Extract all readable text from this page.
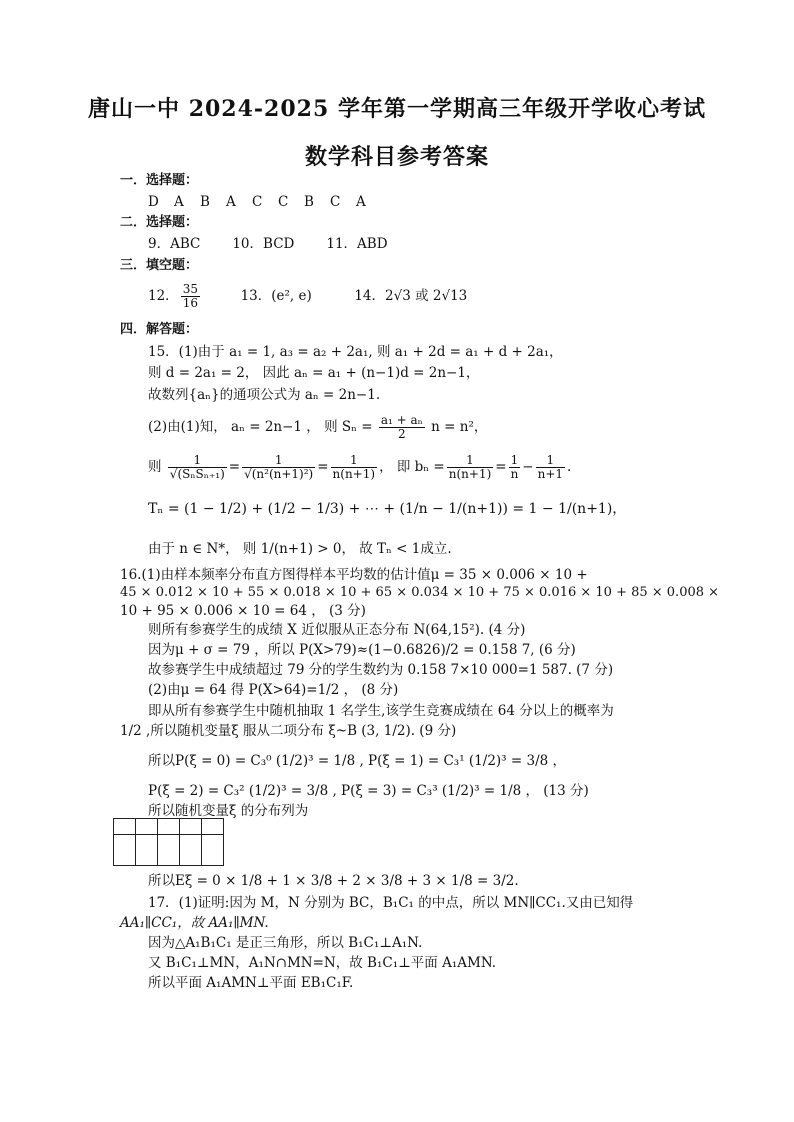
唐山一中 2024-2025 学年第一学期高三年级开学收心考试
数学科目参考答案
一．选择题：
D A B A C C B C A
二．选择题：
9．ABC 10．BCD 11．ABD
三．填空题：
12． $\frac{35}{16}$	13．(e², e)	14．2√3 或 2√13
四．解答题：
15．(1)由于 a₁ = 1, a₃ = a₂ + 2a₁, 则 a₁ + 2d = a₁ + d + 2a₁，
则 d = 2a₁ = 2， 因此 aₙ = a₁ + (n−1)d = 2n−1，
故数列{aₙ}的通项公式为 aₙ = 2n−1.
(2)由(1)知， aₙ = 2n−1 ， 则 $S_n = \frac{\text{a₁ + aₙ}}{2}$ n = n²，
则 $\frac{1}{\text{√(SₙSₙ₊₁)}} = \frac{1}{\text{√(n²(n+1)²)}} = \frac{1}{n(n+1)}$ ， 即 $b_n = \frac{1}{n(n+1)} = \frac{1}{n} - \frac{1}{n+1}$ .
Tₙ = (1 − 1/2) + (1/2 − 1/3) + ⋯ + (1/n − 1/(n+1)) = 1 − 1/(n+1)，
由于 n ∈ N*， 则 1/(n+1) > 0， 故 Tₙ < 1成立.
16.(1)由样本频率分布直方图得样本平均数的估计值μ = 35 × 0.006 × 10 +
45 × 0.012 × 10 + 55 × 0.018 × 10 + 65 × 0.034 × 10 + 75 × 0.016 × 10 + 85 × 0.008 ×
10 + 95 × 0.006 × 10 = 64 ， (3 分)
则所有参赛学生的成绩 X 近似服从正态分布 N(64,15²). (4 分)
因为μ + σ = 79 ，所以 P(X>79)≈(1−0.6826)/2 = 0.158 7, (6 分)
故参赛学生中成绩超过 79 分的学生数约为 0.158 7×10 000=1 587. (7 分)
(2)由μ = 64 得 P(X>64)=1/2 ， (8 分)
即从所有参赛学生中随机抽取 1 名学生,该学生竞赛成绩在 64 分以上的概率为
1/2 ,所以随机变量ξ 服从二项分布 ξ~B (3, 1/2). (9 分)
所以P(ξ = 0) = C₃⁰ (1/2)³ = 1/8 , P(ξ = 1) = C₃¹ (1/2)³ = 3/8 ，
P(ξ = 2) = C₃² (1/2)³ = 3/8 , P(ξ = 3) = C₃³ (1/2)³ = 1/8 ， (13 分)
所以随机变量ξ 的分布列为

所以Eξ = 0 × 1/8 + 1 × 3/8 + 2 × 3/8 + 3 × 1/8 = 3/2.
17．(1)证明:因为 M，N 分别为 BC，B₁C₁ 的中点，所以 MN∥CC₁.又由已知得
AA₁∥CC₁，故 AA₁∥MN.
因为△A₁B₁C₁ 是正三角形，所以 B₁C₁⊥A₁N.
又 B₁C₁⊥MN，A₁N∩MN=N，故 B₁C₁⊥平面 A₁AMN.
所以平面 A₁AMN⊥平面 EB₁C₁F.
